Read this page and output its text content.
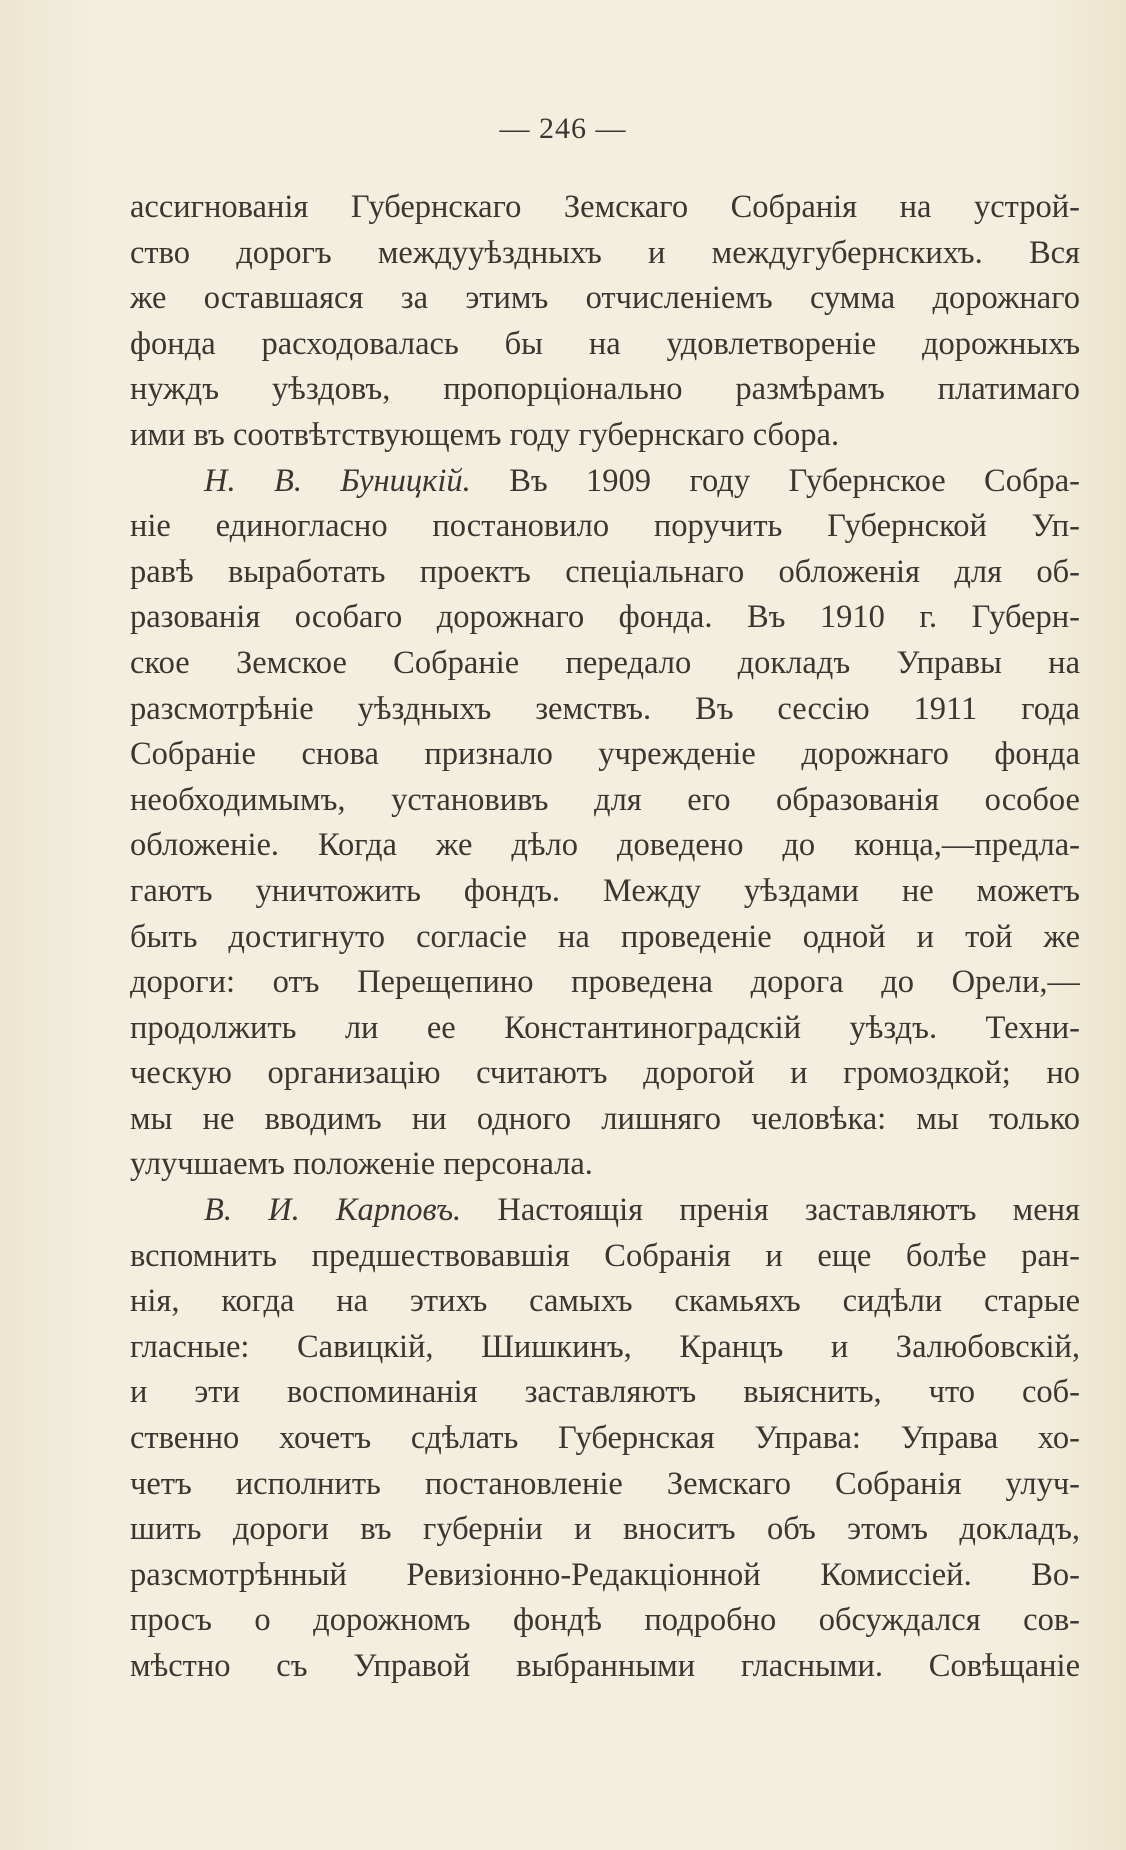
— 246 —
ассигнованія Губернскаго Земскаго Собранія на устрой-
ство дорогъ междууѣздныхъ и междугубернскихъ. Вся
же оставшаяся за этимъ отчисленіемъ сумма дорожнаго
фонда расходовалась бы на удовлетвореніе дорожныхъ
нуждъ уѣздовъ, пропорціонально размѣрамъ платимаго
ими въ соотвѣтствующемъ году губернскаго сбора.
Н. В. Буницкій. Въ 1909 году Губернское Собра-
ніе единогласно постановило поручить Губернской Уп-
равѣ выработать проектъ спеціальнаго обложенія для об-
разованія особаго дорожнаго фонда. Въ 1910 г. Губерн-
ское Земское Собраніе передало докладъ Управы на
разсмотрѣніе уѣздныхъ земствъ. Въ сессію 1911 года
Собраніе снова признало учрежденіе дорожнаго фонда
необходимымъ, установивъ для его образованія особое
обложеніе. Когда же дѣло доведено до конца,—предла-
гаютъ уничтожить фондъ. Между уѣздами не можетъ
быть достигнуто согласіе на проведеніе одной и той же
дороги: отъ Перещепино проведена дорога до Орели,—
продолжить ли ее Константиноградскій уѣздъ. Техни-
ческую организацію считаютъ дорогой и громоздкой; но
мы не вводимъ ни одного лишняго человѣка: мы только
улучшаемъ положеніе персонала.
В. И. Карповъ. Настоящія пренія заставляютъ меня
вспомнить предшествовавшія Собранія и еще болѣе ран-
нія, когда на этихъ самыхъ скамьяхъ сидѣли старые
гласные: Савицкій, Шишкинъ, Кранцъ и Залюбовскій,
и эти воспоминанія заставляютъ выяснить, что соб-
ственно хочетъ сдѣлать Губернская Управа: Управа хо-
четъ исполнить постановленіе Земскаго Собранія улуч-
шить дороги въ губерніи и вноситъ объ этомъ докладъ,
разсмотрѣнный Ревизіонно-Редакціонной Комиссіей. Во-
просъ о дорожномъ фондѣ подробно обсуждался сов-
мѣстно съ Управой выбранными гласными. Совѣщаніе
